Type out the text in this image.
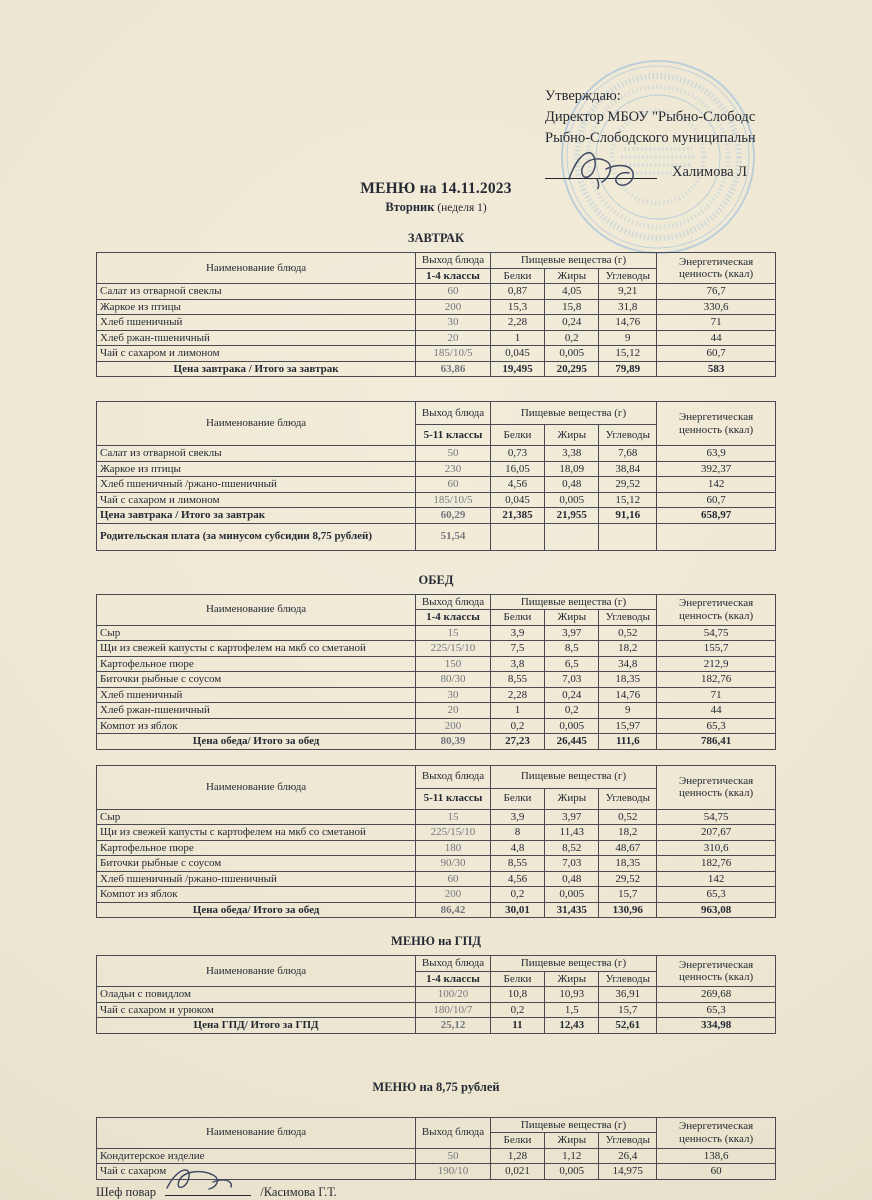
Утверждаю:
Директор МБОУ "Рыбно-Слободс
Рыбно-Слободского муниципальн
Халимова Л
МЕНЮ на 14.11.2023
Вторник (неделя 1)
ЗАВТРАК
Наименование блюда	Выход блюда	Пищевые вещества (г)			Энергетическая ценность (ккал)
	1-4 классы	Белки	Жиры	Углеводы	
Салат из отварной свеклы	60	0,87	4,05	9,21	76,7
Жаркое из птицы	200	15,3	15,8	31,8	330,6
Хлеб пшеничный	30	2,28	0,24	14,76	71
Хлеб ржан-пшеничный	20	1	0,2	9	44
Чай с сахаром и лимоном	185/10/5	0,045	0,005	15,12	60,7
Цена завтрака / Итого за завтрак	63,86	19,495	20,295	79,89	583
Наименование блюда	Выход блюда	Пищевые вещества (г)			Энергетическая ценность (ккал)
	5-11 классы	Белки	Жиры	Углеводы	
Салат из отварной свеклы	50	0,73	3,38	7,68	63,9
Жаркое из птицы	230	16,05	18,09	38,84	392,37
Хлеб пшеничный /ржано-пшеничный	60	4,56	0,48	29,52	142
Чай с сахаром и лимоном	185/10/5	0,045	0,005	15,12	60,7
Цена завтрака / Итого за завтрак	60,29	21,385	21,955	91,16	658,97
Родительская плата (за минусом субсидии 8,75 рублей)	51,54				
ОБЕД
Наименование блюда	Выход блюда	Пищевые вещества (г)			Энергетическая ценность (ккал)
	1-4 классы	Белки	Жиры	Углеводы	
Сыр	15	3,9	3,97	0,52	54,75
Щи из свежей капусты с картофелем на мкб со сметаной	225/15/10	7,5	8,5	18,2	155,7
Картофельное пюре	150	3,8	6,5	34,8	212,9
Биточки рыбные с соусом	80/30	8,55	7,03	18,35	182,76
Хлеб пшеничный	30	2,28	0,24	14,76	71
Хлеб ржан-пшеничный	20	1	0,2	9	44
Компот из яблок	200	0,2	0,005	15,97	65,3
Цена обеда/ Итого за обед	80,39	27,23	26,445	111,6	786,41
Наименование блюда	Выход блюда	Пищевые вещества (г)			Энергетическая ценность (ккал)
	5-11 классы	Белки	Жиры	Углеводы	
Сыр	15	3,9	3,97	0,52	54,75
Щи из свежей капусты с картофелем на мкб со сметаной	225/15/10	8	11,43	18,2	207,67
Картофельное пюре	180	4,8	8,52	48,67	310,6
Биточки рыбные с соусом	90/30	8,55	7,03	18,35	182,76
Хлеб пшеничный /ржано-пшеничный	60	4,56	0,48	29,52	142
Компот из яблок	200	0,2	0,005	15,7	65,3
Цена обеда/ Итого за обед	86,42	30,01	31,435	130,96	963,08
МЕНЮ на ГПД
Наименование блюда	Выход блюда	Пищевые вещества (г)			Энергетическая ценность (ккал)
	1-4 классы	Белки	Жиры	Углеводы	
Оладьи с повидлом	100/20	10,8	10,93	36,91	269,68
Чай с сахаром и урюком	180/10/7	0,2	1,5	15,7	65,3
Цена ГПД/ Итого за ГПД	25,12	11	12,43	52,61	334,98
МЕНЮ на 8,75 рублей
Наименование блюда	Выход блюда	Пищевые вещества (г)			Энергетическая ценность (ккал)
		Белки	Жиры	Углеводы	
Кондитерское изделие	50	1,28	1,12	26,4	138,6
Чай с сахаром	190/10	0,021	0,005	14,975	60
Шеф повар	/Касимова Г.Т.
